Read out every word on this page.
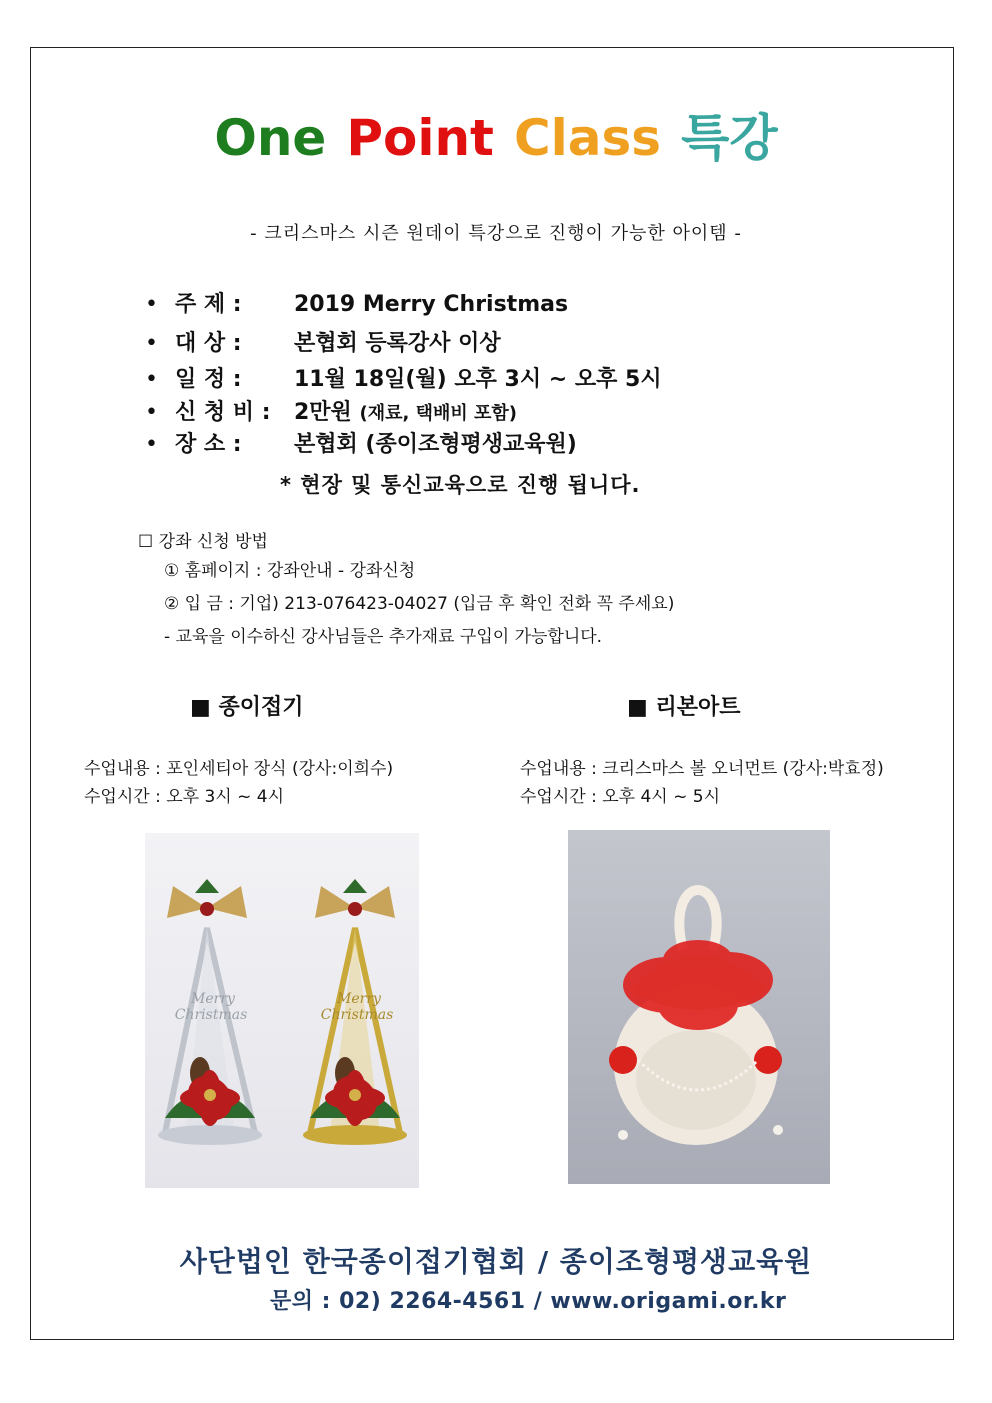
One Point Class 특강
- 크리스마스 시즌 원데이 특강으로 진행이 가능한 아이템 -
• 주 제 : 2019 Merry Christmas
• 대 상 : 본협회 등록강사 이상
• 일 정 : 11월 18일(월) 오후 3시 ~ 오후 5시
• 신 청 비 : 2만원 (재료, 택배비 포함)
• 장 소 : 본협회 (종이조형평생교육원)
* 현장 및 통신교육으로 진행 됩니다.
☐ 강좌 신청 방법
① 홈페이지 : 강좌안내 - 강좌신청
② 입 금 : 기업) 213-076423-04027 (입금 후 확인 전화 꼭 주세요)
- 교육을 이수하신 강사님들은 추가재료 구입이 가능합니다.
■ 종이접기	■ 리본아트
수업내용 : 포인세티아 장식 (강사:이희수)
수업시간 : 오후 3시 ~ 4시
수업내용 : 크리스마스 볼 오너먼트 (강사:박효정)
수업시간 : 오후 4시 ~ 5시
Merry
Christmas
Merry
Christmas
사단법인 한국종이접기협회 / 종이조형평생교육원
문의 : 02) 2264-4561 / www.origami.or.kr
